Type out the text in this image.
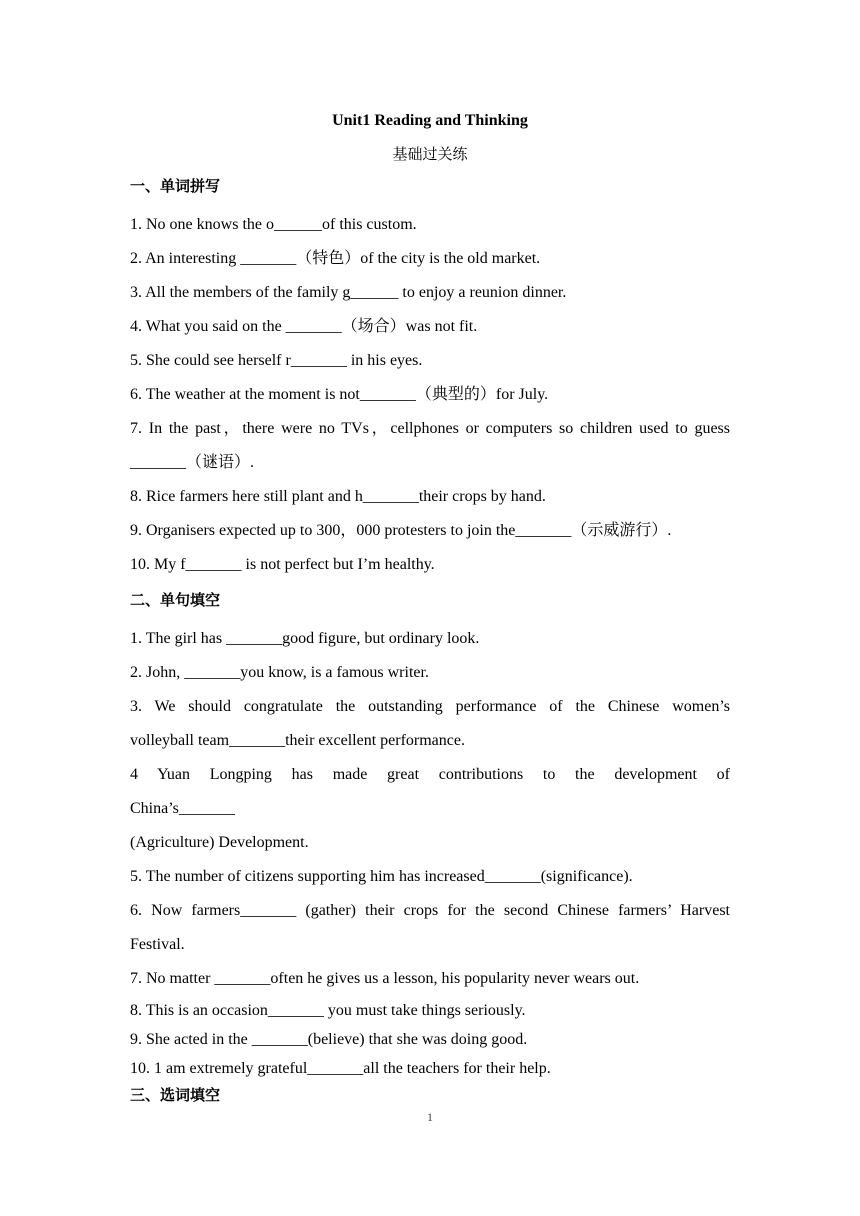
Unit1 Reading and Thinking

基础过关练

一、单词拼写

1. No one knows the o______of this custom.

2. An interesting _______（特色）of the city is the old market.

3. All the members of the family g______ to enjoy a reunion dinner.

4. What you said on the _______（场合）was not fit.

5. She could see herself r_______ in his eyes.

6. The weather at the moment is not_______（典型的）for July.

7. In the past，there were no TVs，cellphones or computers so children used to guess

_______（谜语）.

8. Rice farmers here still plant and h_______their crops by hand.

9. Organisers expected up to 300，000 protesters to join the_______（示威游行）.

10. My f_______ is not perfect but I’m healthy.

二、单句填空

1. The girl has _______good figure, but ordinary look.

2. John, _______you know, is a famous writer.

3. We should congratulate the outstanding performance of the Chinese women’s

volleyball team_______their excellent performance.

4 Yuan Longping has made great contributions to the development of

China’s_______

(Agriculture) Development.

5. The number of citizens supporting him has increased_______(significance).

6. Now farmers_______ (gather) their crops for the second Chinese farmers’ Harvest

Festival.

7. No matter _______often he gives us a lesson, his popularity never wears out.

8. This is an occasion_______ you must take things seriously.

9. She acted in the _______(believe) that she was doing good.

10. 1 am extremely grateful_______all the teachers for their help.

三、选词填空

1
